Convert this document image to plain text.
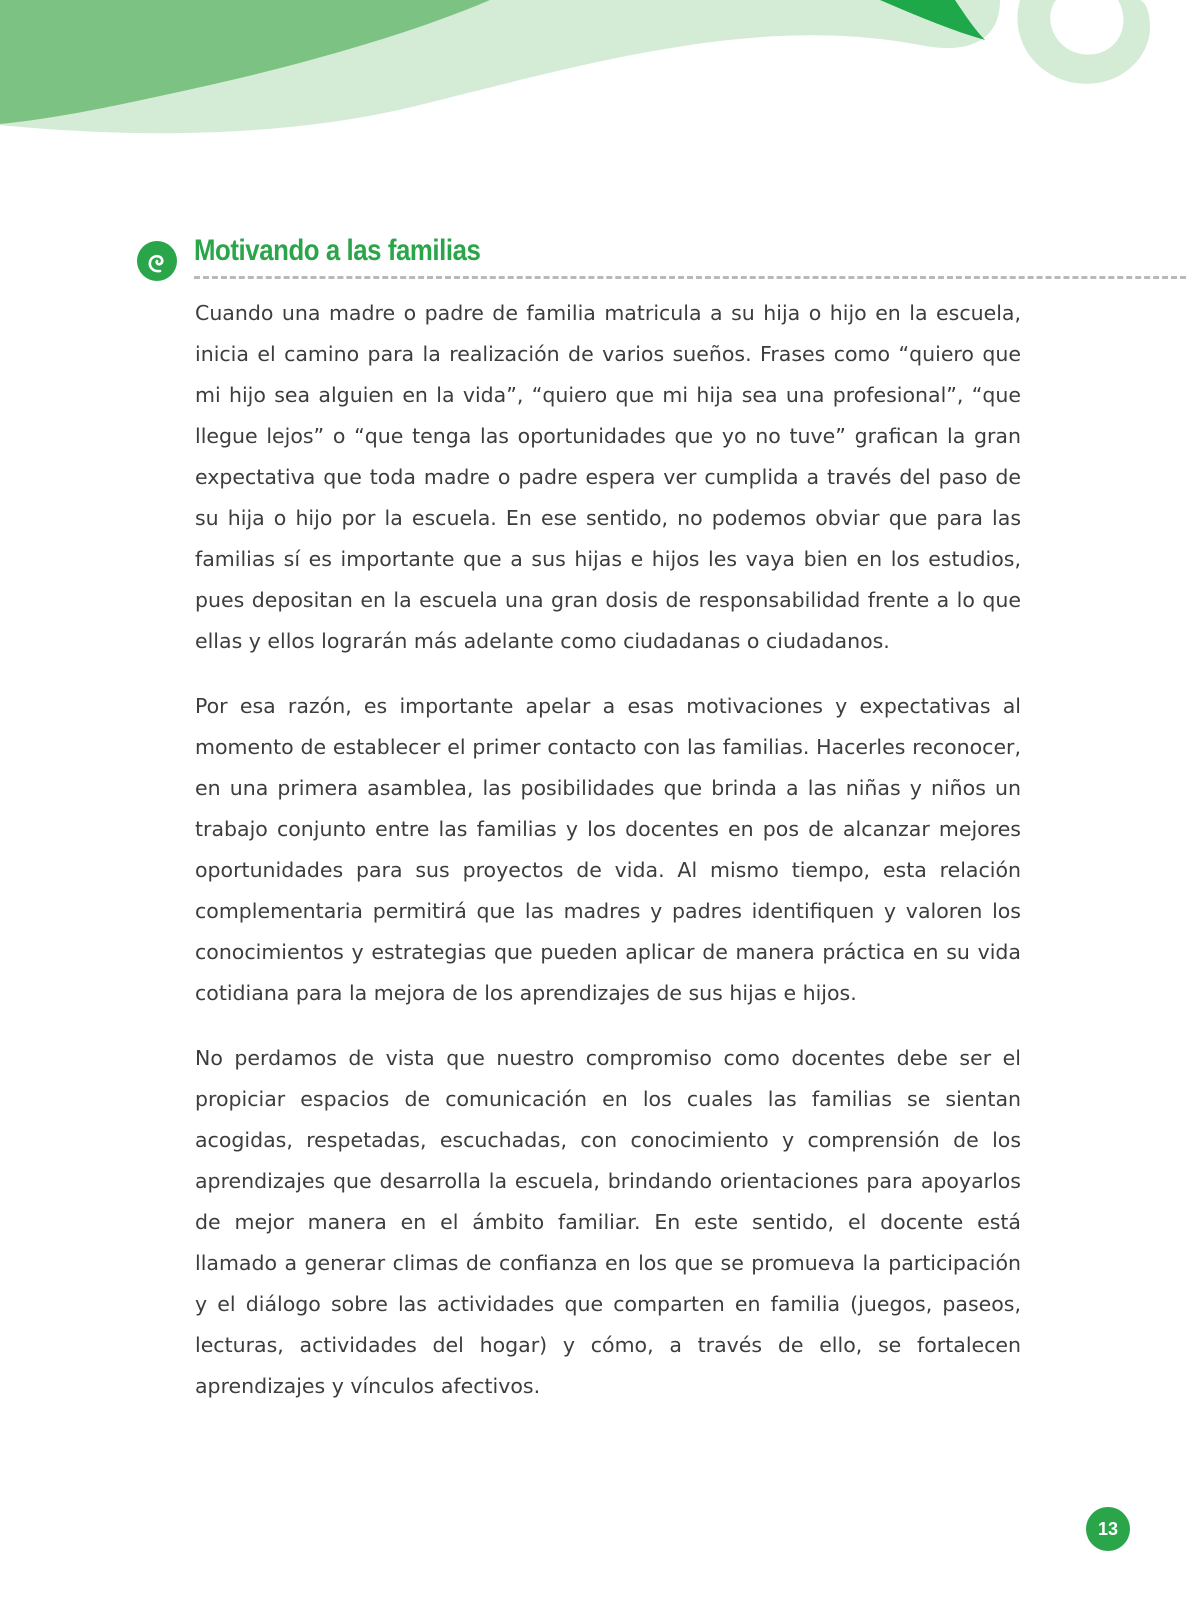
Motivando a las familias

Cuando una madre o padre de familia matricula a su hija o hijo en la escuela, inicia el camino para la realización de varios sueños. Frases como “quiero que mi hijo sea alguien en la vida”, “quiero que mi hija sea una profesional”, “que llegue lejos” o “que tenga las oportunidades que yo no tuve” grafican la gran expectativa que toda madre o padre espera ver cumplida a través del paso de su hija o hijo por la escuela. En ese sentido, no podemos obviar que para las familias sí es importante que a sus hijas e hijos les vaya bien en los estudios, pues depositan en la escuela una gran dosis de responsabilidad frente a lo que ellas y ellos lograrán más adelante como ciudadanas o ciudadanos.

Por esa razón, es importante apelar a esas motivaciones y expectativas al momento de establecer el primer contacto con las familias. Hacerles reconocer, en una primera asamblea, las posibilidades que brinda a las niñas y niños un trabajo conjunto entre las familias y los docentes en pos de alcanzar mejores oportunidades para sus proyectos de vida. Al mismo tiempo, esta relación complementaria permitirá que las madres y padres identifiquen y valoren los conocimientos y estrategias que pueden aplicar de manera práctica en su vida cotidiana para la mejora de los aprendizajes de sus hijas e hijos.

No perdamos de vista que nuestro compromiso como docentes debe ser el propiciar espacios de comunicación en los cuales las familias se sientan acogidas, respetadas, escuchadas, con conocimiento y comprensión de los aprendizajes que desarrolla la escuela, brindando orientaciones para apoyarlos de mejor manera en el ámbito familiar. En este sentido, el docente está llamado a generar climas de confianza en los que se promueva la participación y el diálogo sobre las actividades que comparten en familia (juegos, paseos, lecturas, actividades del hogar) y cómo, a través de ello, se fortalecen aprendizajes y vínculos afectivos.

13
